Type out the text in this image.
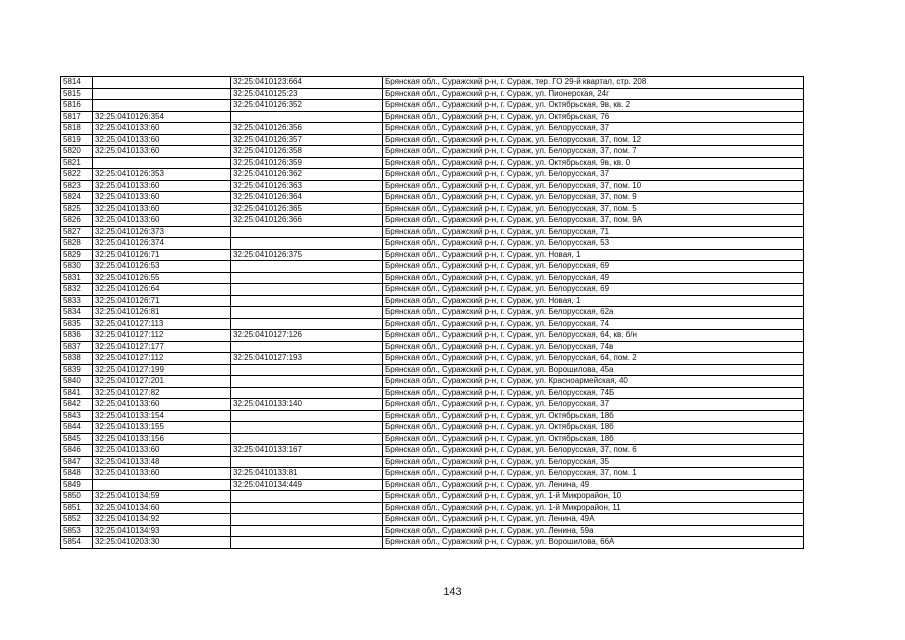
5814		32:25:0410123:664	Брянская обл., Суражский р-н, г. Сураж, тер. ГО 29-й квартал, стр. 208
5815		32:25:0410125:23	Брянская обл., Суражский р-н, г. Сураж, ул. Пионерская, 24г
5816		32:25:0410126:352	Брянская обл., Суражский р-н, г. Сураж, ул. Октябрьская, 9в, кв. 2
5817	32:25:0410126:354		Брянская обл., Суражский р-н, г. Сураж, ул. Октябрьская, 76
5818	32:25:0410133:60	32:25:0410126:356	Брянская обл., Суражский р-н, г. Сураж, ул. Белорусская, 37
5819	32:25:0410133:60	32:25:0410126:357	Брянская обл., Суражский р-н, г. Сураж, ул. Белорусская, 37, пом. 12
5820	32:25:0410133:60	32:25:0410126:358	Брянская обл., Суражский р-н, г. Сураж, ул. Белорусская, 37, пом. 7
5821		32:25:0410126:359	Брянская обл., Суражский р-н, г. Сураж, ул. Октябрьская, 9в, кв. 0
5822	32:25:0410126:353	32:25:0410126:362	Брянская обл., Суражский р-н, г. Сураж, ул. Белорусская, 37
5823	32:25:0410133:60	32:25:0410126:363	Брянская обл., Суражский р-н, г. Сураж, ул. Белорусская, 37, пом. 10
5824	32:25:0410133:60	32:25:0410126:364	Брянская обл., Суражский р-н, г. Сураж, ул. Белорусская, 37, пом. 9
5825	32:25:0410133:60	32:25:0410126:365	Брянская обл., Суражский р-н, г. Сураж, ул. Белорусская, 37, пом. 5
5826	32:25:0410133:60	32:25:0410126:366	Брянская обл., Суражский р-н, г. Сураж, ул. Белорусская, 37, пом. 9А
5827	32:25:0410126:373		Брянская обл., Суражский р-н, г. Сураж, ул. Белорусская, 71
5828	32:25:0410126:374		Брянская обл., Суражский р-н, г. Сураж, ул. Белорусская, 53
5829	32:25:0410126:71	32:25:0410126:375	Брянская обл., Суражский р-н, г. Сураж, ул. Новая, 1
5830	32:25:0410126:53		Брянская обл., Суражский р-н, г. Сураж, ул. Белорусская, 69
5831	32:25:0410126:55		Брянская обл., Суражский р-н, г. Сураж, ул. Белорусская, 49
5832	32:25:0410126:64		Брянская обл., Суражский р-н, г. Сураж, ул. Белорусская, 69
5833	32:25:0410126:71		Брянская обл., Суражский р-н, г. Сураж, ул. Новая, 1
5834	32:25:0410126:81		Брянская обл., Суражский р-н, г. Сураж, ул. Белорусская, 62а
5835	32:25:0410127:113		Брянская обл., Суражский р-н, г. Сураж, ул. Белорусская, 74
5836	32:25:0410127:112	32:25:0410127:126	Брянская обл., Суражский р-н, г. Сураж, ул. Белорусская, 64, кв. б/н
5837	32:25:0410127:177		Брянская обл., Суражский р-н, г. Сураж, ул. Белорусская, 74в
5838	32:25:0410127:112	32:25:0410127:193	Брянская обл., Суражский р-н, г. Сураж, ул. Белорусская, 64, пом. 2
5839	32:25:0410127:199		Брянская обл., Суражский р-н, г. Сураж, ул. Ворошилова, 45а
5840	32:25:0410127:201		Брянская обл., Суражский р-н, г. Сураж, ул. Красноармейская, 40
5841	32:25:0410127:82		Брянская обл., Суражский р-н, г. Сураж, ул. Белорусская, 74Б
5842	32:25:0410133:60	32:25:0410133:140	Брянская обл., Суражский р-н, г. Сураж, ул. Белорусская, 37
5843	32:25:0410133:154		Брянская обл., Суражский р-н, г. Сураж, ул. Октябрьская, 18б
5844	32:25:0410133:155		Брянская обл., Суражский р-н, г. Сураж, ул. Октябрьская, 18б
5845	32:25:0410133:156		Брянская обл., Суражский р-н, г. Сураж, ул. Октябрьская, 18б
5846	32:25:0410133:60	32:25:0410133:167	Брянская обл., Суражский р-н, г. Сураж, ул. Белорусская, 37, пом. 6
5847	32:25:0410133:48		Брянская обл., Суражский р-н, г. Сураж, ул. Белорусская, 35
5848	32:25:0410133:60	32:25:0410133:81	Брянская обл., Суражский р-н, г. Сураж, ул. Белорусская, 37, пом. 1
5849		32:25:0410134:449	Брянская обл., Суражский р-н, г. Сураж, ул. Ленина, 49
5850	32:25:0410134:59		Брянская обл., Суражский р-н, г. Сураж, ул. 1-й Микрорайон, 10
5851	32:25:0410134:60		Брянская обл., Суражский р-н, г. Сураж, ул. 1-й Микрорайон, 11
5852	32:25:0410134:92		Брянская обл., Суражский р-н, г. Сураж, ул. Ленина, 49А
5853	32:25:0410134:93		Брянская обл., Суражский р-н, г. Сураж, ул. Ленина, 59а
5854	32:25:0410203:30		Брянская обл., Суражский р-н, г. Сураж, ул. Ворошилова, 66А
143
